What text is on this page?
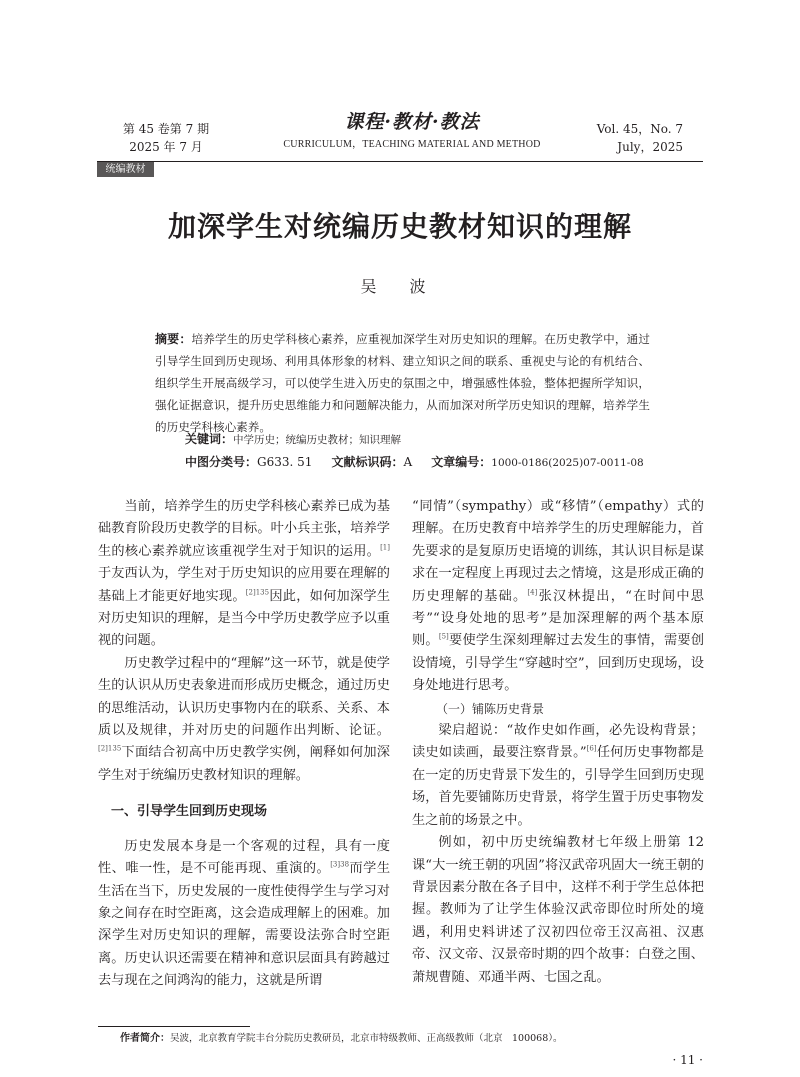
第 45 卷第 7 期
2025 年 7 月
课程·教材·教法
CURRICULUM，TEACHING MATERIAL AND METHOD
Vol. 45，No. 7
July，2025
统编教材
加深学生对统编历史教材知识的理解
吴 波
摘要：培养学生的历史学科核心素养，应重视加深学生对历史知识的理解。在历史教学中，通过引导学生回到历史现场、利用具体形象的材料、建立知识之间的联系、重视史与论的有机结合、组织学生开展高级学习，可以使学生进入历史的氛围之中，增强感性体验，整体把握所学知识，强化证据意识，提升历史思维能力和问题解决能力，从而加深对所学历史知识的理解，培养学生的历史学科核心素养。
关键词：中学历史；统编历史教材；知识理解
中图分类号：G633. 51 文献标识码：A 文章编号：1000-0186(2025)07-0011-08

当前，培养学生的历史学科核心素养已成为基础教育阶段历史教学的目标。叶小兵主张，培养学生的核心素养就应该重视学生对于知识的运用。[1]于友西认为，学生对于历史知识的应用要在理解的基础上才能更好地实现。$^{[2]135}$因此，如何加深学生对历史知识的理解，是当今中学历史教学应予以重视的问题。

历史教学过程中的“理解”这一环节，就是使学生的认识从历史表象进而形成历史概念，通过历史的思维活动，认识历史事物内在的联系、关系、本质以及规律，并对历史的问题作出判断、论证。$^{[2]135}$下面结合初高中历史教学实例，阐释如何加深学生对于统编历史教材知识的理解。

一、引导学生回到历史现场

历史发展本身是一个客观的过程，具有一度性、唯一性，是不可能再现、重演的。$^{[3]38}$而学生生活在当下，历史发展的一度性使得学生与学习对象之间存在时空距离，这会造成理解上的困难。加深学生对历史知识的理解，需要设法弥合时空距离。历史认识还需要在精神和意识层面具有跨越过去与现在之间鸿沟的能力，这就是所谓

“同情”（sympathy）或“移情”（empathy）式的理解。在历史教育中培养学生的历史理解能力，首先要求的是复原历史语境的训练，其认识目标是谋求在一定程度上再现过去之情境，这是形成正确的历史理解的基础。[4]张汉林提出，“在时间中思考”“设身处地的思考”是加深理解的两个基本原则。[5]要使学生深刻理解过去发生的事情，需要创设情境，引导学生“穿越时空”，回到历史现场，设身处地进行思考。

（一）铺陈历史背景

梁启超说：“故作史如作画，必先设构背景；读史如读画，最要注察背景。”[6]任何历史事物都是在一定的历史背景下发生的，引导学生回到历史现场，首先要铺陈历史背景，将学生置于历史事物发生之前的场景之中。

例如，初中历史统编教材七年级上册第 12 课“大一统王朝的巩固”将汉武帝巩固大一统王朝的背景因素分散在各子目中，这样不利于学生总体把握。教师为了让学生体验汉武帝即位时所处的境遇，利用史料讲述了汉初四位帝王汉高祖、汉惠帝、汉文帝、汉景帝时期的四个故事：白登之围、萧规曹随、邓通半两、七国之乱。

作者简介：吴波，北京教育学院丰台分院历史教研员，北京市特级教师、正高级教师（北京　100068）。
· 11 ·
